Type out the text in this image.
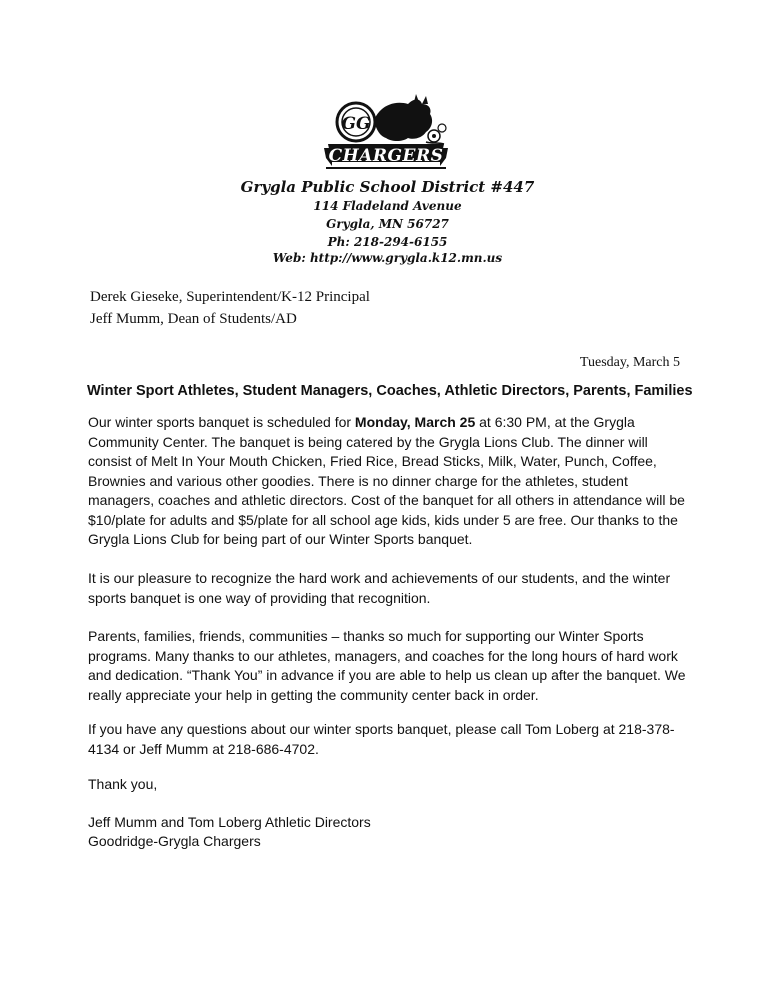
GG
CHARGERS
Grygla Public School District #447
114 Fladeland Avenue
Grygla, MN 56727
Ph: 218-294-6155
Web: http://www.grygla.k12.mn.us
Derek Gieseke, Superintendent/K-12 Principal
Jeff Mumm, Dean of Students/AD
Tuesday, March 5
Winter Sport Athletes, Student Managers, Coaches, Athletic Directors, Parents, Families
Our winter sports banquet is scheduled for Monday, March 25 at 6:30 PM, at the Grygla Community Center. The banquet is being catered by the Grygla Lions Club. The dinner will consist of Melt In Your Mouth Chicken, Fried Rice, Bread Sticks, Milk, Water, Punch, Coffee, Brownies and various other goodies. There is no dinner charge for the athletes, student managers, coaches and athletic directors. Cost of the banquet for all others in attendance will be $10/plate for adults and $5/plate for all school age kids, kids under 5 are free. Our thanks to the Grygla Lions Club for being part of our Winter Sports banquet.
It is our pleasure to recognize the hard work and achievements of our students, and the winter sports banquet is one way of providing that recognition.
Parents, families, friends, communities – thanks so much for supporting our Winter Sports programs. Many thanks to our athletes, managers, and coaches for the long hours of hard work and dedication. “Thank You” in advance if you are able to help us clean up after the banquet. We really appreciate your help in getting the community center back in order.
If you have any questions about our winter sports banquet, please call Tom Loberg at 218-378-4134 or Jeff Mumm at 218-686-4702.
Thank you,
Jeff Mumm and Tom Loberg Athletic Directors
Goodridge-Grygla Chargers
